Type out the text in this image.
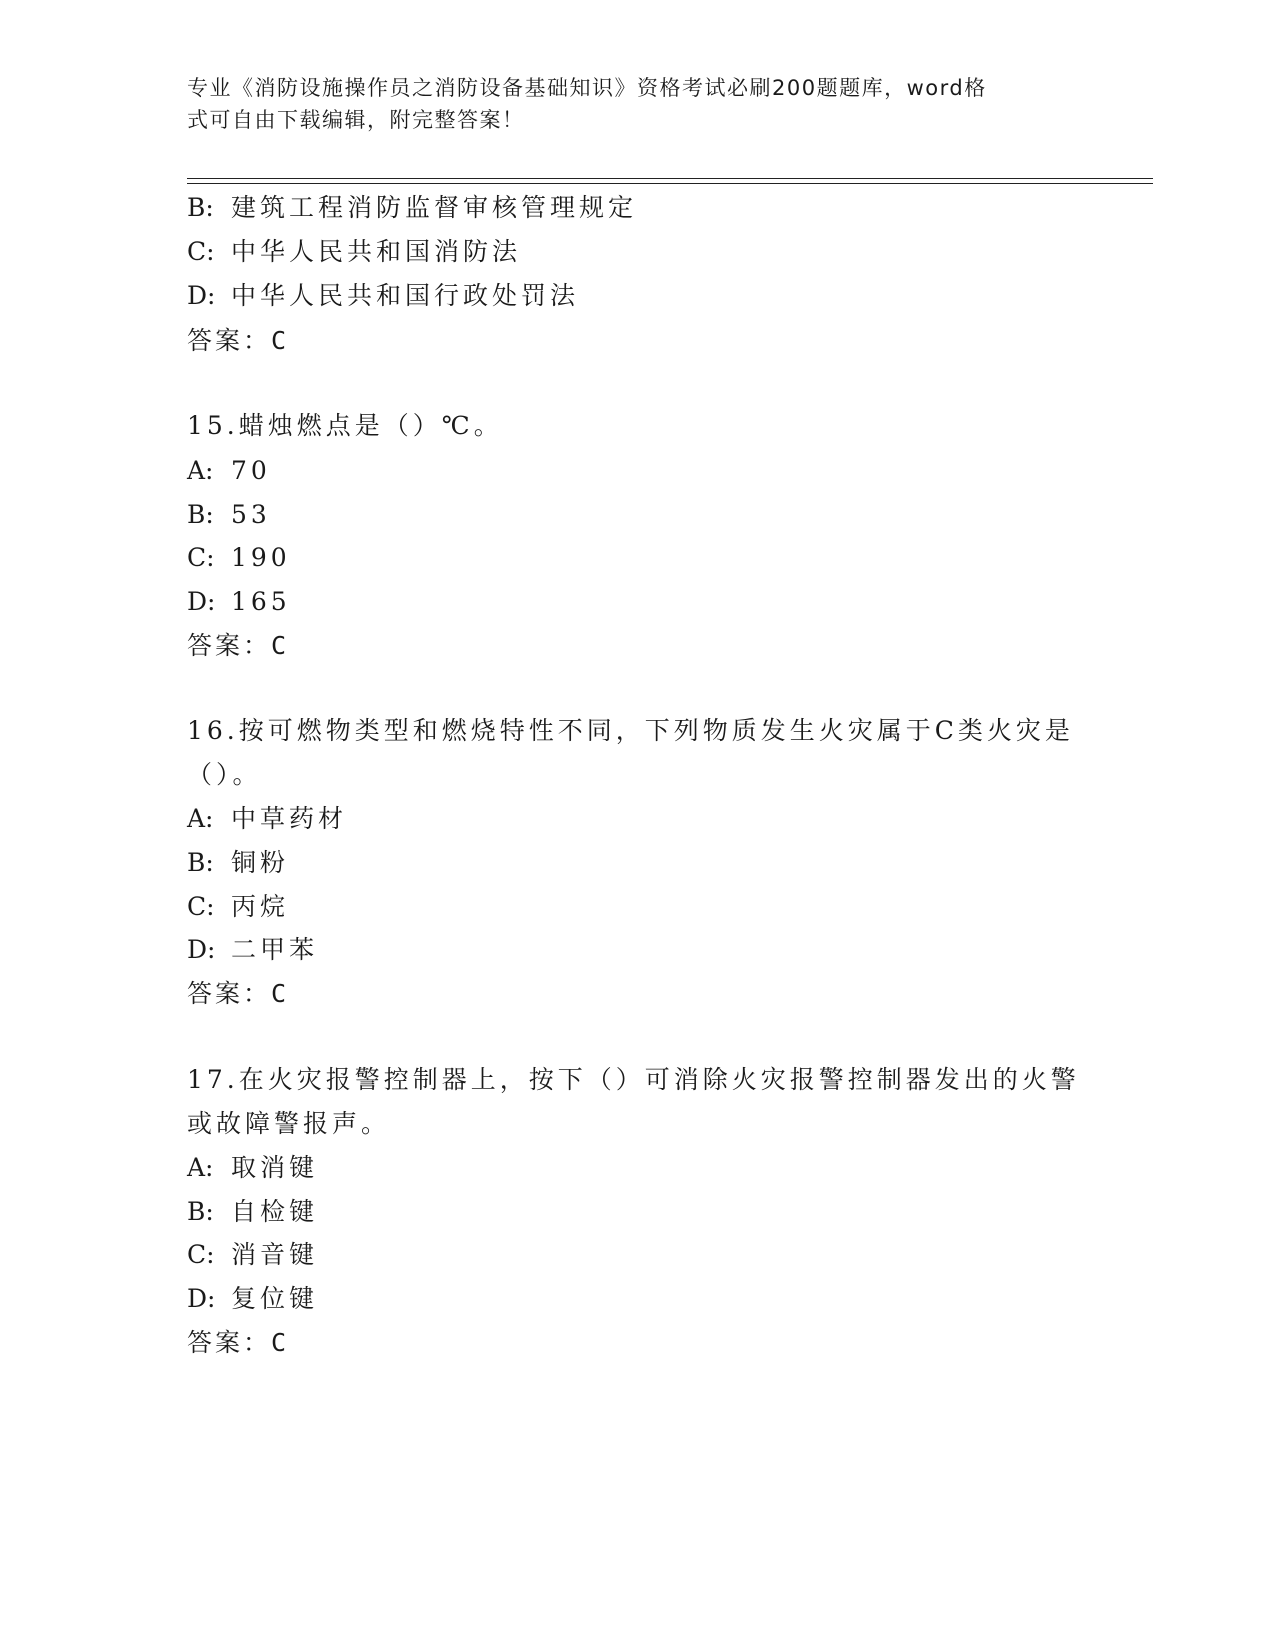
专业《消防设施操作员之消防设备基础知识》资格考试必刷200题题库，word格
式可自由下载编辑，附完整答案！
B: 建筑工程消防监督审核管理规定
C: 中华人民共和国消防法
D: 中华人民共和国行政处罚法
答案：C
15.蜡烛燃点是（）℃。
A: 70
B: 53
C: 190
D: 165
答案：C
16.按可燃物类型和燃烧特性不同，下列物质发生火灾属于C类火灾是
（）。
A: 中草药材
B: 铜粉
C: 丙烷
D: 二甲苯
答案：C
17.在火灾报警控制器上，按下（）可消除火灾报警控制器发出的火警
或故障警报声。
A: 取消键
B: 自检键
C: 消音键
D: 复位键
答案：C
